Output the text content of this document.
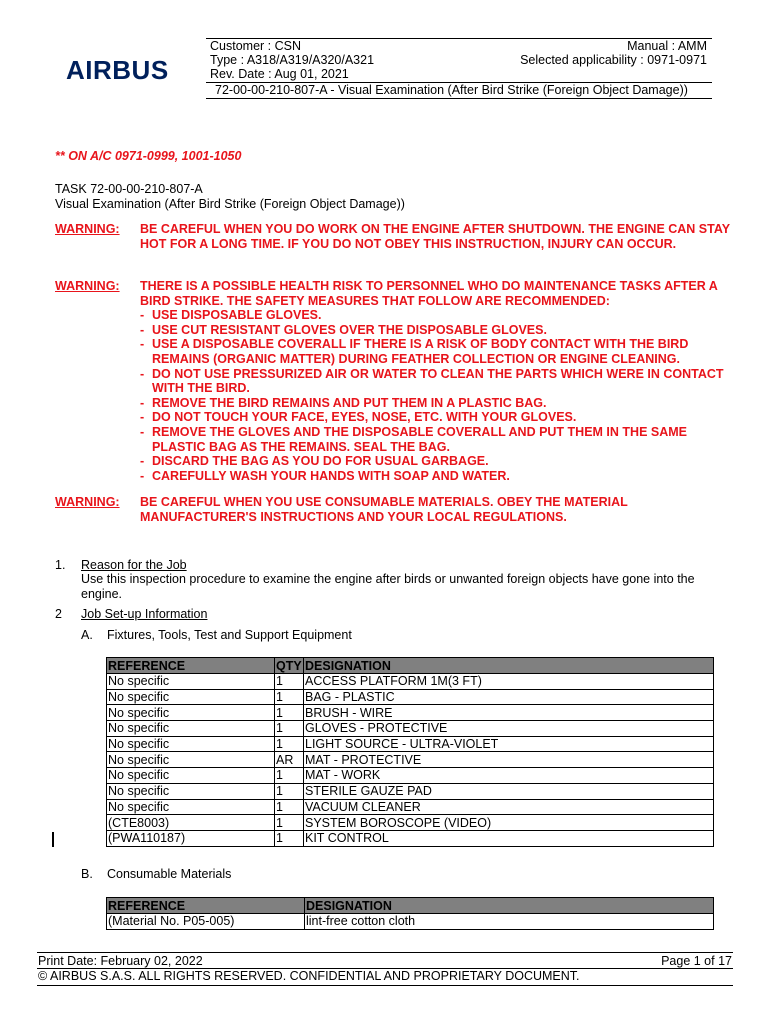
AIRBUS
Customer : CSN	Manual : AMM
Type : A318/A319/A320/A321	Selected applicability : 0971-0971
Rev. Date : Aug 01, 2021
72-00-00-210-807-A - Visual Examination (After Bird Strike (Foreign Object Damage))
** ON A/C 0971-0999, 1001-1050
TASK 72-00-00-210-807-A
Visual Examination (After Bird Strike (Foreign Object Damage))
WARNING: BE CAREFUL WHEN YOU DO WORK ON THE ENGINE AFTER SHUTDOWN. THE ENGINE CAN STAY HOT FOR A LONG TIME. IF YOU DO NOT OBEY THIS INSTRUCTION, INJURY CAN OCCUR.
WARNING: THERE IS A POSSIBLE HEALTH RISK TO PERSONNEL WHO DO MAINTENANCE TASKS AFTER A BIRD STRIKE. THE SAFETY MEASURES THAT FOLLOW ARE RECOMMENDED:
- USE DISPOSABLE GLOVES.
- USE CUT RESISTANT GLOVES OVER THE DISPOSABLE GLOVES.
- USE A DISPOSABLE COVERALL IF THERE IS A RISK OF BODY CONTACT WITH THE BIRD REMAINS (ORGANIC MATTER) DURING FEATHER COLLECTION OR ENGINE CLEANING.
- DO NOT USE PRESSURIZED AIR OR WATER TO CLEAN THE PARTS WHICH WERE IN CONTACT WITH THE BIRD.
- REMOVE THE BIRD REMAINS AND PUT THEM IN A PLASTIC BAG.
- DO NOT TOUCH YOUR FACE, EYES, NOSE, ETC. WITH YOUR GLOVES.
- REMOVE THE GLOVES AND THE DISPOSABLE COVERALL AND PUT THEM IN THE SAME PLASTIC BAG AS THE REMAINS. SEAL THE BAG.
- DISCARD THE BAG AS YOU DO FOR USUAL GARBAGE.
- CAREFULLY WASH YOUR HANDS WITH SOAP AND WATER.
WARNING: BE CAREFUL WHEN YOU USE CONSUMABLE MATERIALS. OBEY THE MATERIAL MANUFACTURER'S INSTRUCTIONS AND YOUR LOCAL REGULATIONS.
1. Reason for the Job
Use this inspection procedure to examine the engine after birds or unwanted foreign objects have gone into the engine.
2 Job Set-up Information
A. Fixtures, Tools, Test and Support Equipment
REFERENCE	QTY	DESIGNATION
No specific	1	ACCESS PLATFORM 1M(3 FT)
No specific	1	BAG - PLASTIC
No specific	1	BRUSH - WIRE
No specific	1	GLOVES - PROTECTIVE
No specific	1	LIGHT SOURCE - ULTRA-VIOLET
No specific	AR	MAT - PROTECTIVE
No specific	1	MAT - WORK
No specific	1	STERILE GAUZE PAD
No specific	1	VACUUM CLEANER
(CTE8003)	1	SYSTEM BOROSCOPE (VIDEO)
(PWA110187)	1	KIT CONTROL
B. Consumable Materials
REFERENCE	DESIGNATION
(Material No. P05-005)	lint-free cotton cloth
Print Date: February 02, 2022	Page 1 of 17
© AIRBUS S.A.S. ALL RIGHTS RESERVED. CONFIDENTIAL AND PROPRIETARY DOCUMENT.
